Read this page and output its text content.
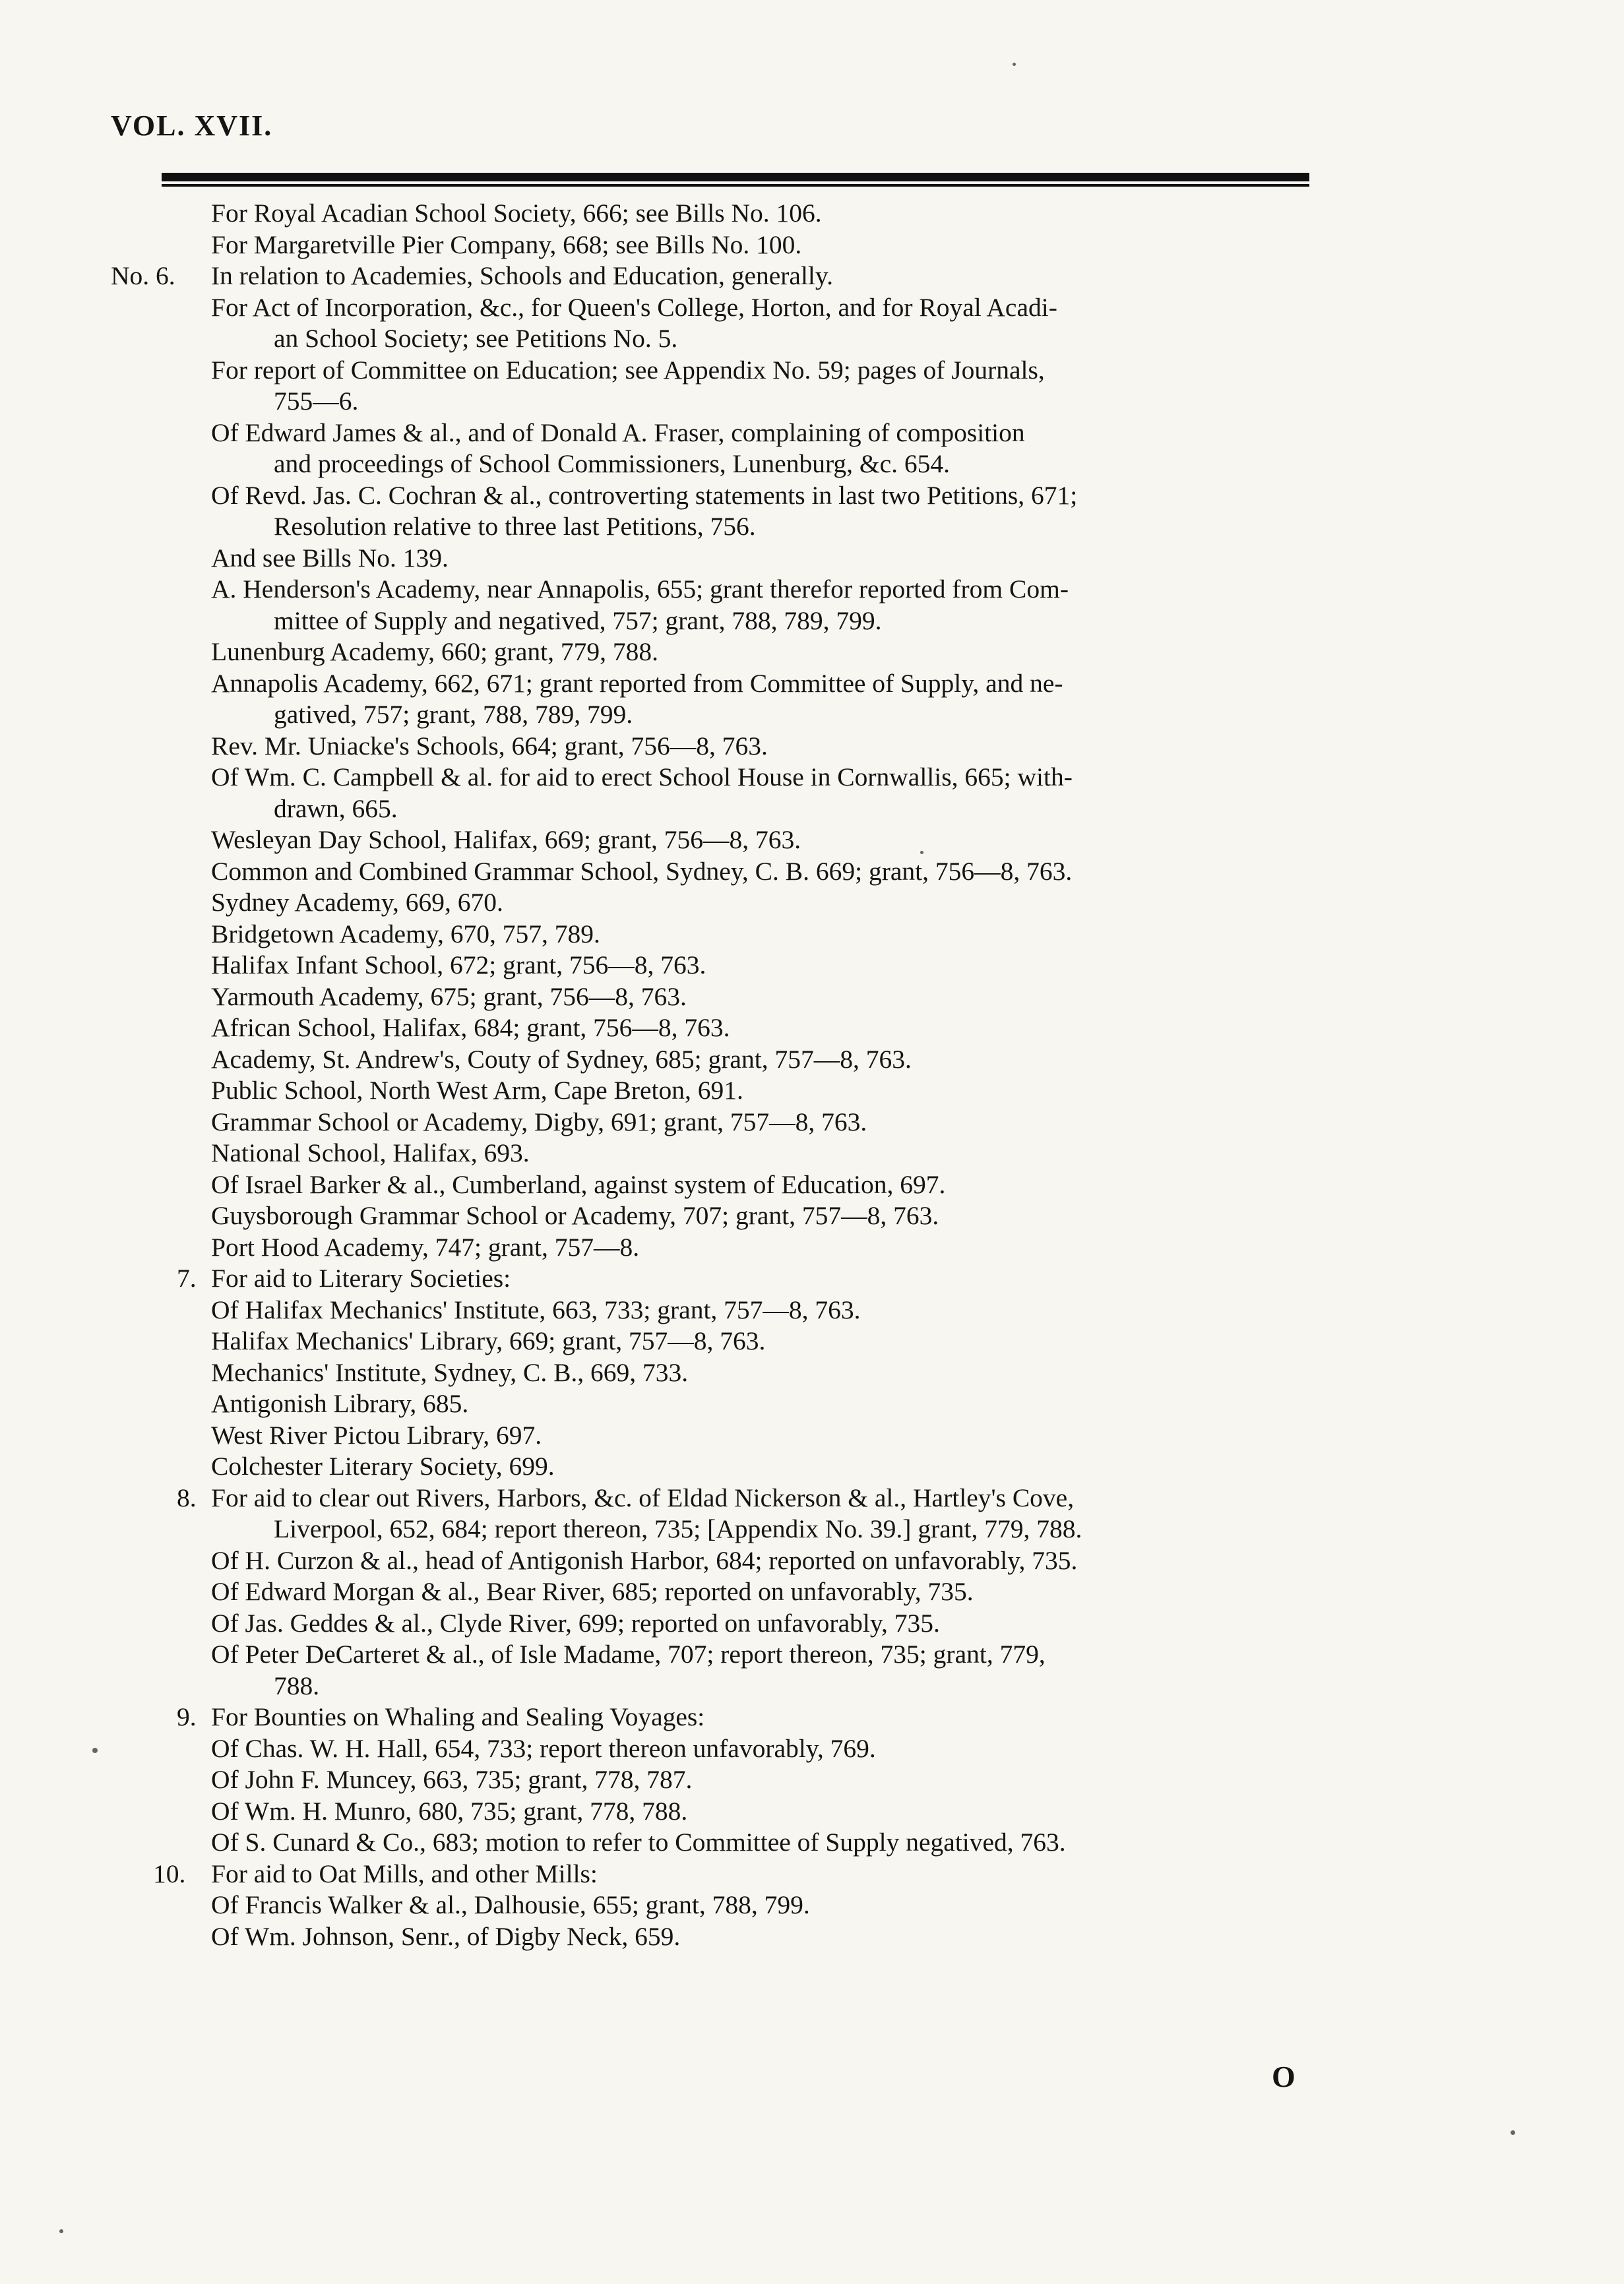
VOL. XVII.
For Royal Acadian School Society, 666; see Bills No. 106.
For Margaretville Pier Company, 668; see Bills No. 100.
No. 6. In relation to Academies, Schools and Education, generally.
For Act of Incorporation, &c., for Queen's College, Horton, and for Royal Acadi-
an School Society; see Petitions No. 5.
For report of Committee on Education; see Appendix No. 59; pages of Journals,
755—6.
Of Edward James & al., and of Donald A. Fraser, complaining of composition
and proceedings of School Commissioners, Lunenburg, &c. 654.
Of Revd. Jas. C. Cochran & al., controverting statements in last two Petitions, 671;
Resolution relative to three last Petitions, 756.
And see Bills No. 139.
A. Henderson's Academy, near Annapolis, 655; grant therefor reported from Com-
mittee of Supply and negatived, 757; grant, 788, 789, 799.
Lunenburg Academy, 660; grant, 779, 788.
Annapolis Academy, 662, 671; grant reported from Committee of Supply, and ne-
gatived, 757; grant, 788, 789, 799.
Rev. Mr. Uniacke's Schools, 664; grant, 756—8, 763.
Of Wm. C. Campbell & al. for aid to erect School House in Cornwallis, 665; with-
drawn, 665.
Wesleyan Day School, Halifax, 669; grant, 756—8, 763.
Common and Combined Grammar School, Sydney, C. B. 669; grant, 756—8, 763.
Sydney Academy, 669, 670.
Bridgetown Academy, 670, 757, 789.
Halifax Infant School, 672; grant, 756—8, 763.
Yarmouth Academy, 675; grant, 756—8, 763.
African School, Halifax, 684; grant, 756—8, 763.
Academy, St. Andrew's, Couty of Sydney, 685; grant, 757—8, 763.
Public School, North West Arm, Cape Breton, 691.
Grammar School or Academy, Digby, 691; grant, 757—8, 763.
National School, Halifax, 693.
Of Israel Barker & al., Cumberland, against system of Education, 697.
Guysborough Grammar School or Academy, 707; grant, 757—8, 763.
Port Hood Academy, 747; grant, 757—8.
7. For aid to Literary Societies:
Of Halifax Mechanics' Institute, 663, 733; grant, 757—8, 763.
Halifax Mechanics' Library, 669; grant, 757—8, 763.
Mechanics' Institute, Sydney, C. B., 669, 733.
Antigonish Library, 685.
West River Pictou Library, 697.
Colchester Literary Society, 699.
8. For aid to clear out Rivers, Harbors, &c. of Eldad Nickerson & al., Hartley's Cove,
Liverpool, 652, 684; report thereon, 735; [Appendix No. 39.] grant, 779, 788.
Of H. Curzon & al., head of Antigonish Harbor, 684; reported on unfavorably, 735.
Of Edward Morgan & al., Bear River, 685; reported on unfavorably, 735.
Of Jas. Geddes & al., Clyde River, 699; reported on unfavorably, 735.
Of Peter DeCarteret & al., of Isle Madame, 707; report thereon, 735; grant, 779,
788.
9. For Bounties on Whaling and Sealing Voyages:
Of Chas. W. H. Hall, 654, 733; report thereon unfavorably, 769.
Of John F. Muncey, 663, 735; grant, 778, 787.
Of Wm. H. Munro, 680, 735; grant, 778, 788.
Of S. Cunard & Co., 683; motion to refer to Committee of Supply negatived, 763.
10. For aid to Oat Mills, and other Mills:
Of Francis Walker & al., Dalhousie, 655; grant, 788, 799.
Of Wm. Johnson, Senr., of Digby Neck, 659.
O
